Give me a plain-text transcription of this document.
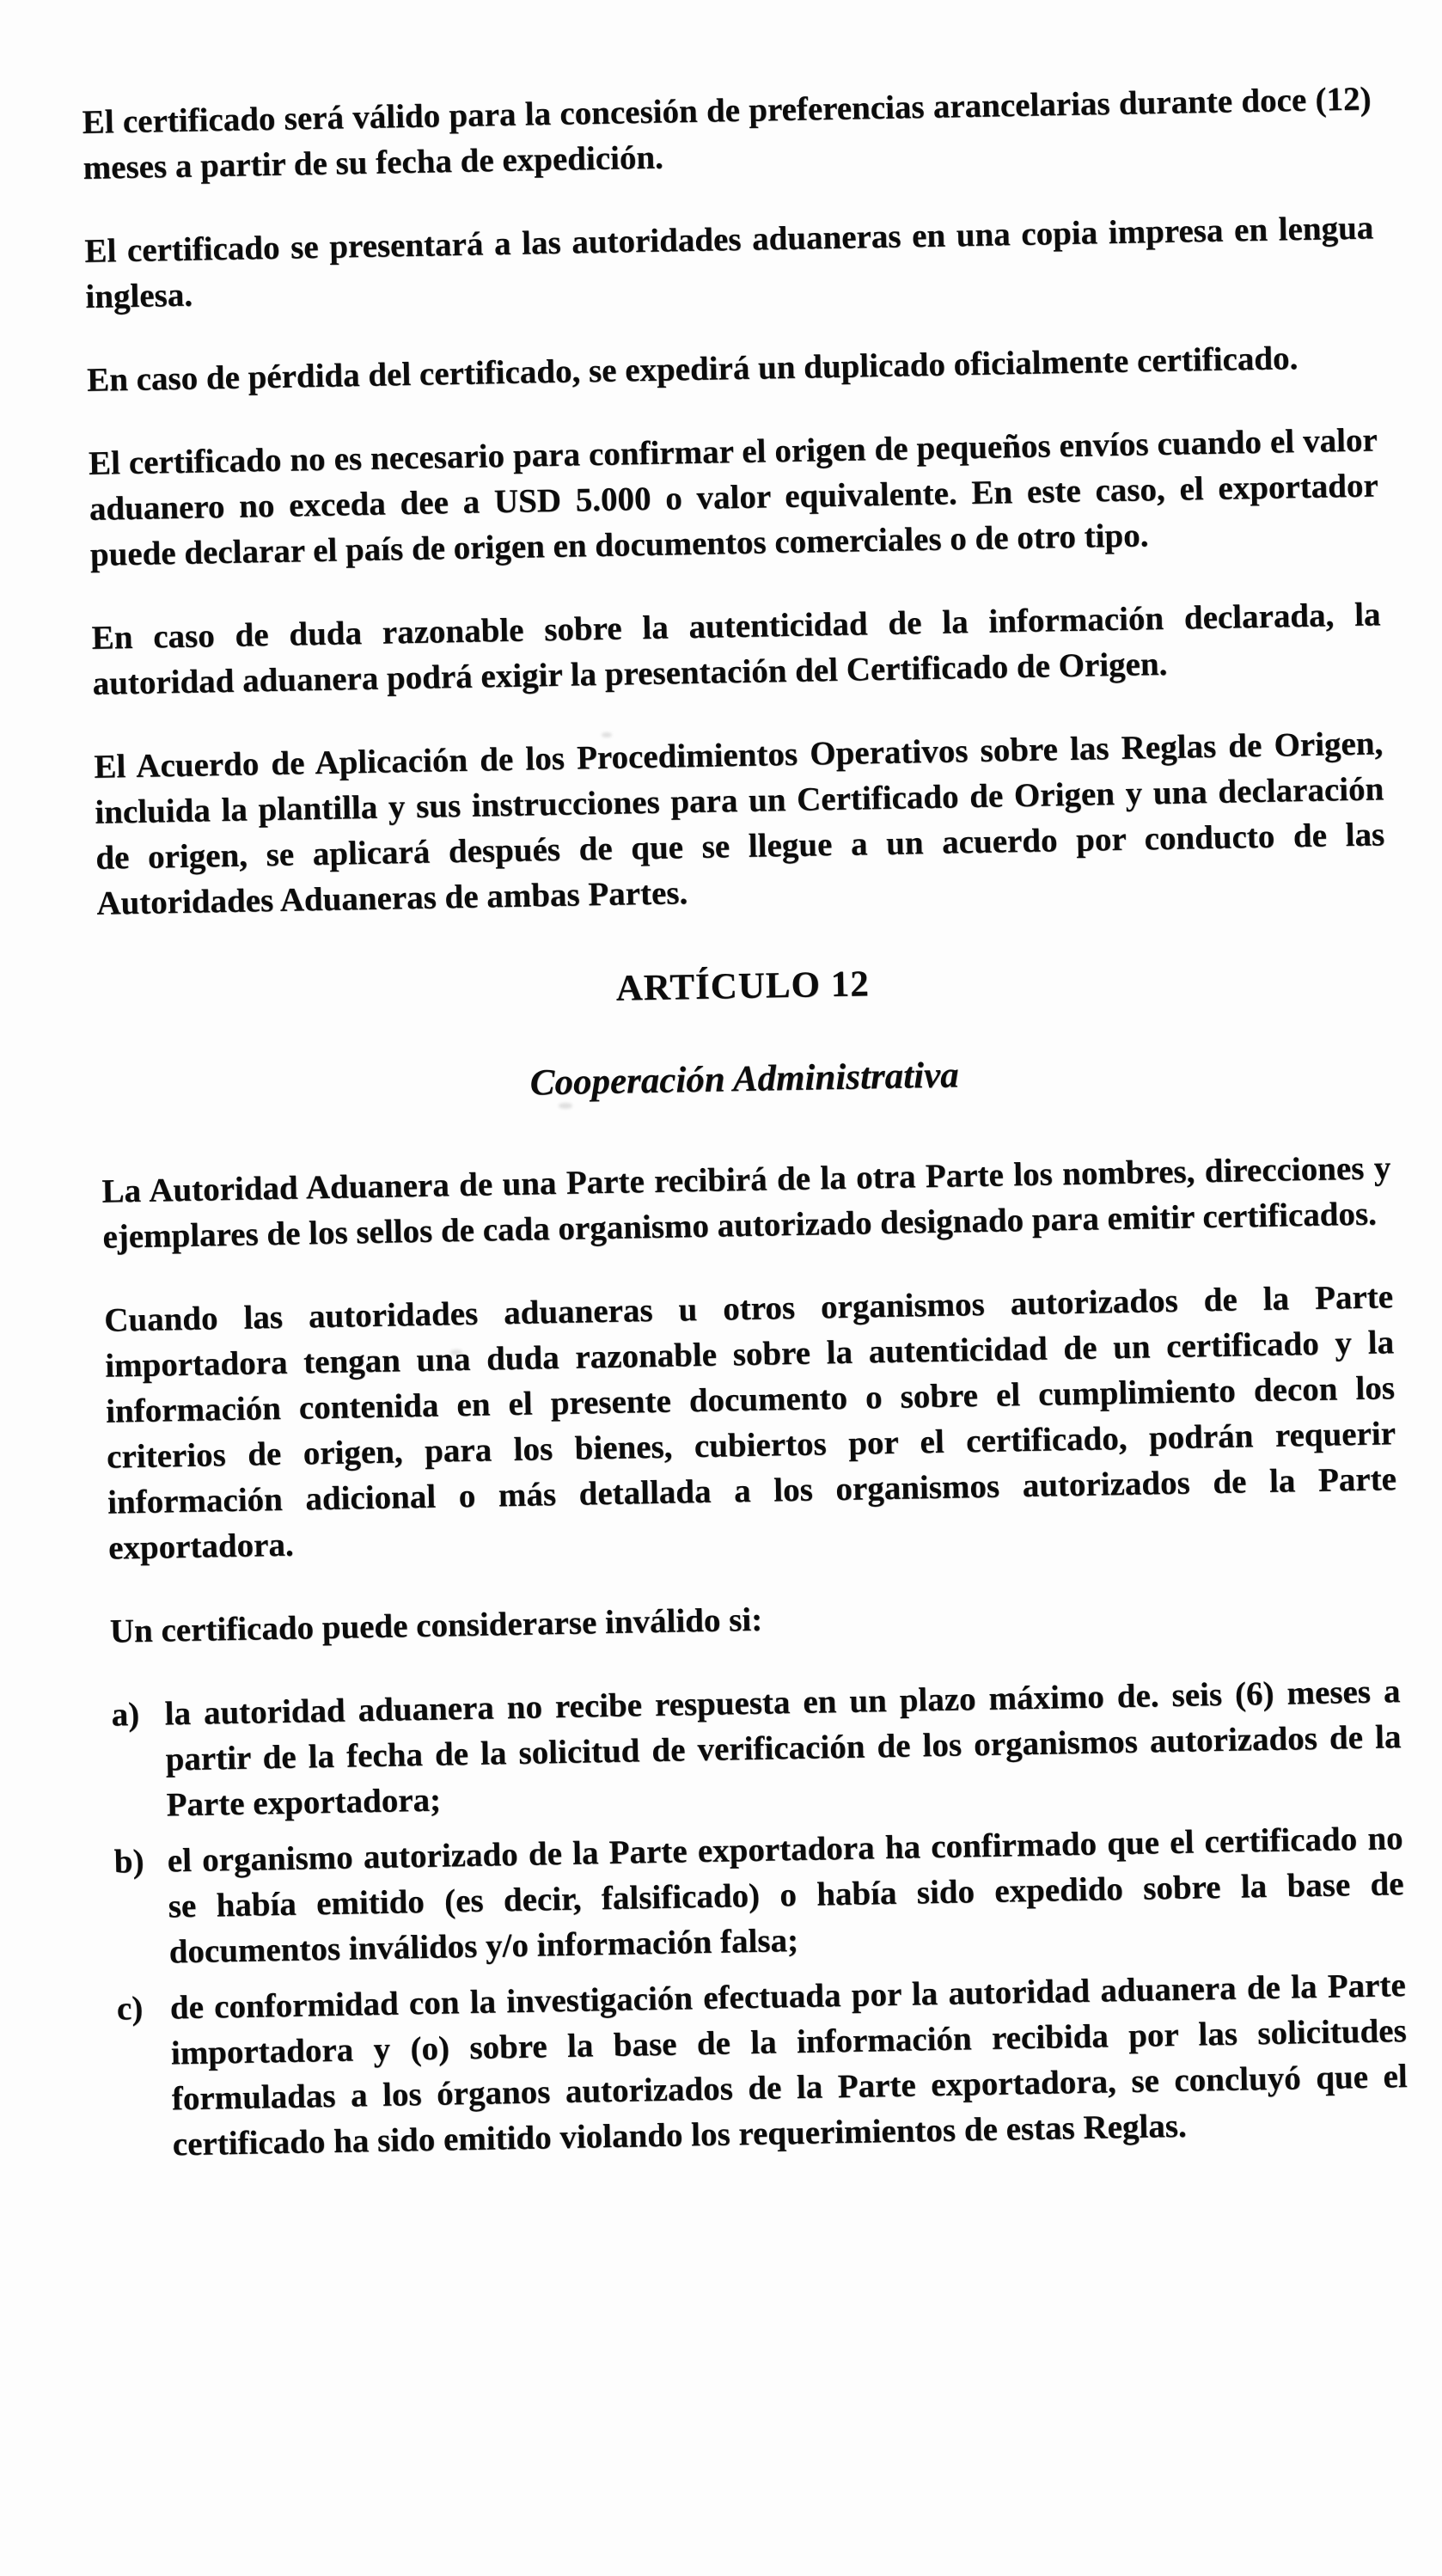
El certificado será válido para la concesión de preferencias arancelarias durante doce (12) meses a partir de su fecha de expedición.

El certificado se presentará a las autoridades aduaneras en una copia impresa en lengua inglesa.

En caso de pérdida del certificado, se expedirá un duplicado oficialmente certificado.

El certificado no es necesario para confirmar el origen de pequeños envíos cuando el valor aduanero no exceda dee a USD 5.000 o valor equivalente. En este caso, el exportador puede declarar el país de origen en documentos comerciales o de otro tipo.

En caso de duda razonable sobre la autenticidad de la información declarada, la autoridad aduanera podrá exigir la presentación del Certificado de Origen.

El Acuerdo de Aplicación de los Procedimientos Operativos sobre las Reglas de Origen, incluida la plantilla y sus instrucciones para un Certificado de Origen y una declaración de origen, se aplicará después de que se llegue a un acuerdo por conducto de las Autoridades Aduaneras de ambas Partes.

ARTÍCULO 12
Cooperación Administrativa

La Autoridad Aduanera de una Parte recibirá de la otra Parte los nombres, direcciones y ejemplares de los sellos de cada organismo autorizado designado para emitir certificados.

Cuando las autoridades aduaneras u otros organismos autorizados de la Parte importadora tengan una duda razonable sobre la autenticidad de un certificado y la información contenida en el presente documento o sobre el cumplimiento decon los criterios de origen, para los bienes, cubiertos por el certificado, podrán requerir información adicional o más detallada a los organismos autorizados de la Parte exportadora.

Un certificado puede considerarse inválido si:

a) la autoridad aduanera no recibe respuesta en un plazo máximo de. seis (6) meses a partir de la fecha de la solicitud de verificación de los organismos autorizados de la Parte exportadora;
b) el organismo autorizado de la Parte exportadora ha confirmado que el certificado no se había emitido (es decir, falsificado) o había sido expedido sobre la base de documentos inválidos y/o información falsa;
c) de conformidad con la investigación efectuada por la autoridad aduanera de la Parte importadora y (o) sobre la base de la información recibida por las solicitudes formuladas a los órganos autorizados de la Parte exportadora, se concluyó que el certificado ha sido emitido violando los requerimientos de estas Reglas.
